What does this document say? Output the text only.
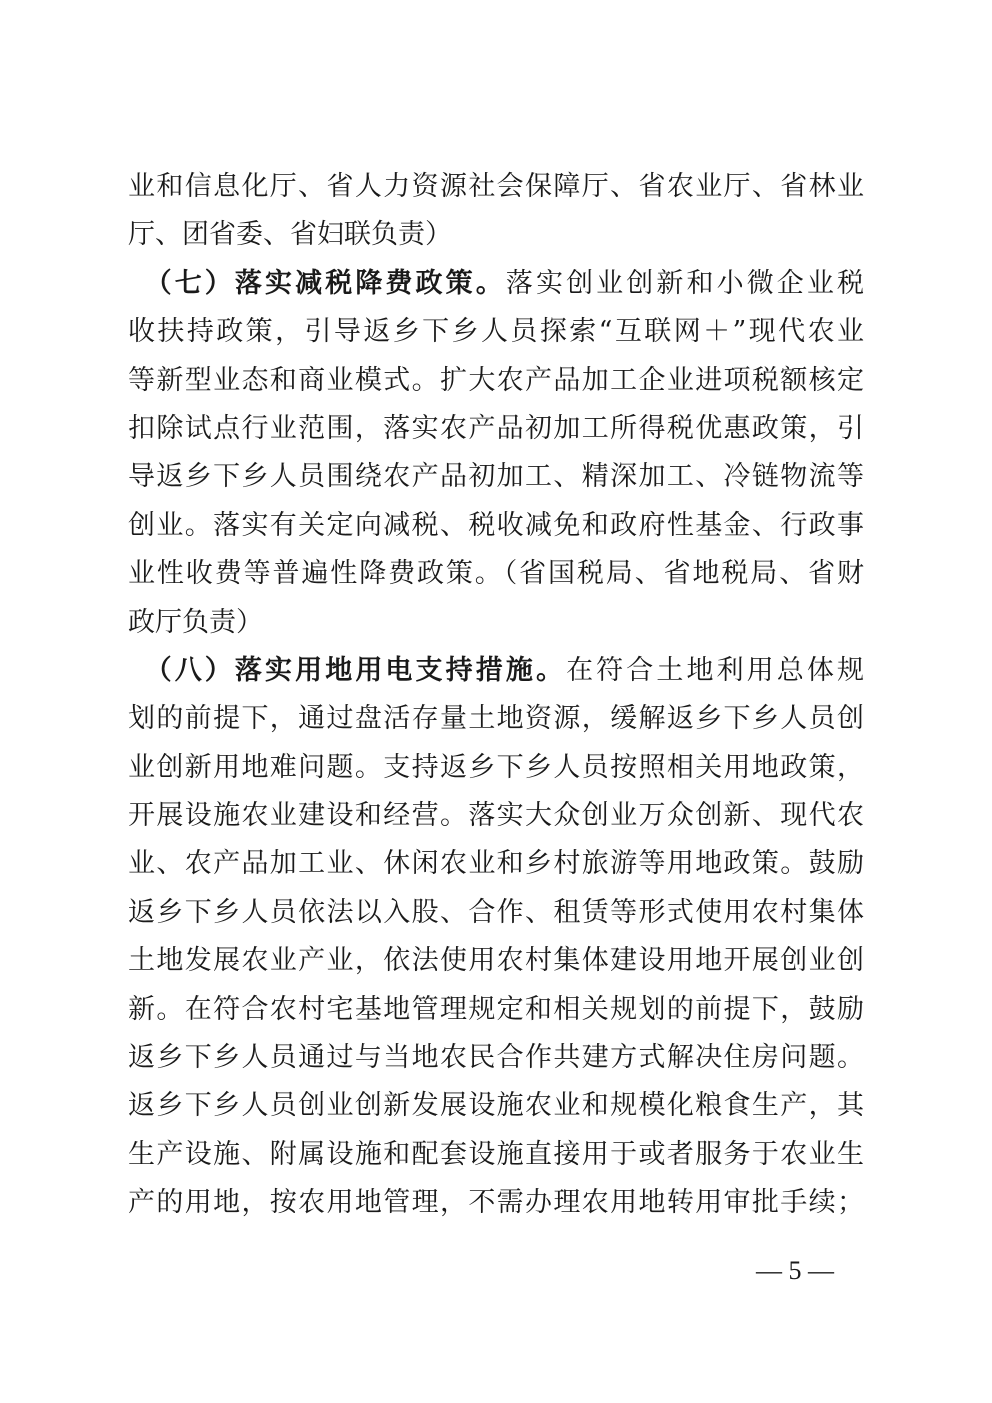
业和信息化厅、省人力资源社会保障厅、省农业厅、省林业
厅、团省委、省妇联负责）
　（七）落实减税降费政策。落实创业创新和小微企业税
收扶持政策，引导返乡下乡人员探索“互联网＋”现代农业
等新型业态和商业模式。扩大农产品加工企业进项税额核定
扣除试点行业范围，落实农产品初加工所得税优惠政策，引
导返乡下乡人员围绕农产品初加工、精深加工、冷链物流等
创业。落实有关定向减税、税收减免和政府性基金、行政事
业性收费等普遍性降费政策。（省国税局、省地税局、省财
政厅负责）
　（八）落实用地用电支持措施。在符合土地利用总体规
划的前提下，通过盘活存量土地资源，缓解返乡下乡人员创
业创新用地难问题。支持返乡下乡人员按照相关用地政策，
开展设施农业建设和经营。落实大众创业万众创新、现代农
业、农产品加工业、休闲农业和乡村旅游等用地政策。鼓励
返乡下乡人员依法以入股、合作、租赁等形式使用农村集体
土地发展农业产业，依法使用农村集体建设用地开展创业创
新。在符合农村宅基地管理规定和相关规划的前提下，鼓励
返乡下乡人员通过与当地农民合作共建方式解决住房问题。
返乡下乡人员创业创新发展设施农业和规模化粮食生产，其
生产设施、附属设施和配套设施直接用于或者服务于农业生
产的用地，按农用地管理，不需办理农用地转用审批手续；
— 5 —
